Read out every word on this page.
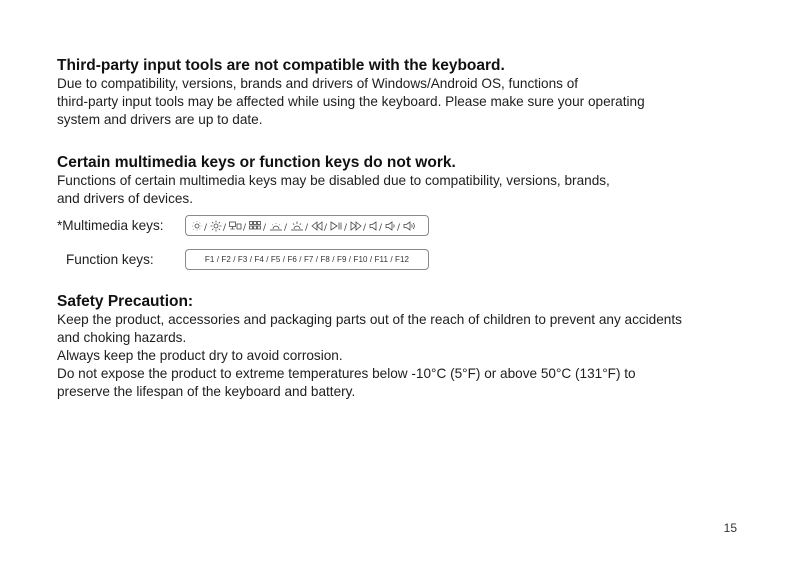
Third-party input tools are not compatible with the keyboard.

Due to compatibility, versions, brands and drivers of Windows/Android OS, functions of

third-party input tools may be affected while using the keyboard. Please make sure your operating

system and drivers are up to date.

Certain multimedia keys or function keys do not work.

Functions of certain multimedia keys may be disabled due to compatibility, versions, brands,

and drivers of devices.

*Multimedia keys:	/ / / / / / / / / / /
Function keys:	F1 / F2 / F3 / F4 / F5 / F6 / F7 / F8 / F9 / F10 / F11 / F12

Safety Precaution:

Keep the product, accessories and packaging parts out of the reach of children to prevent any accidents

and choking hazards.

Always keep the product dry to avoid corrosion.

Do not expose the product to extreme temperatures below -10°C (5°F) or above 50°C (131°F) to

preserve the lifespan of the keyboard and battery.

15
